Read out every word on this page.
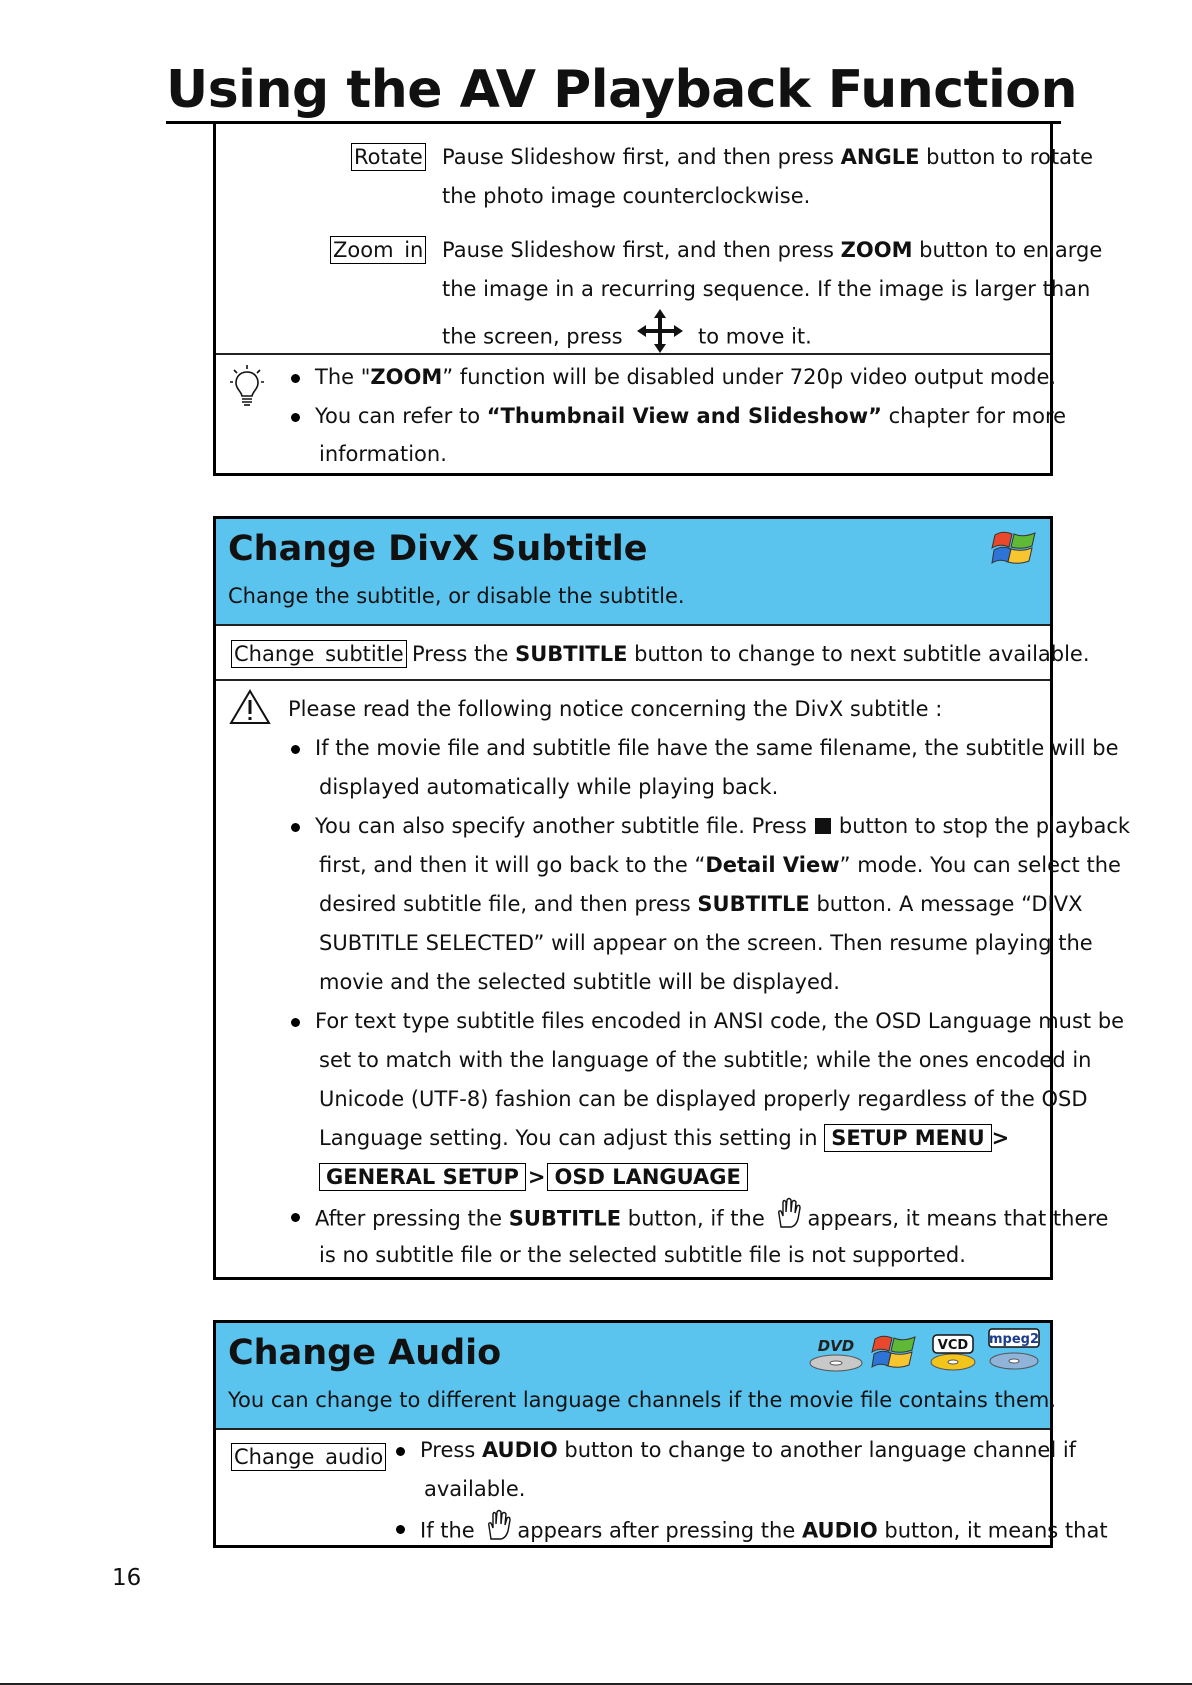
Using the AV Playback Function
Rotate Pause Slideshow first, and then press ANGLE button to rotate
the photo image counterclockwise.
Zoom in Pause Slideshow first, and then press ZOOM button to enlarge
the image in a recurring sequence. If the image is larger than
the screen, press	to move it.
The "ZOOM” function will be disabled under 720p video output mode.
You can refer to “Thumbnail View and Slideshow” chapter for more
information.
Change DivX Subtitle
Change the subtitle, or disable the subtitle.
Change subtitle Press the SUBTITLE button to change to next subtitle available.
Please read the following notice concerning the DivX subtitle :
If the movie file and subtitle file have the same filename, the subtitle will be
displayed automatically while playing back.
You can also specify another subtitle file. Press button to stop the playback
first, and then it will go back to the “Detail View” mode. You can select the
desired subtitle file, and then press SUBTITLE button. A message “DIVX
SUBTITLE SELECTED” will appear on the screen. Then resume playing the
movie and the selected subtitle will be displayed.
For text type subtitle files encoded in ANSI code, the OSD Language must be
set to match with the language of the subtitle; while the ones encoded in
Unicode (UTF-8) fashion can be displayed properly regardless of the OSD
Language setting. You can adjust this setting in SETUP MENU >
GENERAL SETUP > OSD LANGUAGE
After pressing the SUBTITLE button, if the appears, it means that there
is no subtitle file or the selected subtitle file is not supported.
Change Audio
You can change to different language channels if the movie file contains them.
DVD	VCD mpeg2
Change audio Press AUDIO button to change to another language channel if
available.
If the appears after pressing the AUDIO button, it means that
16
